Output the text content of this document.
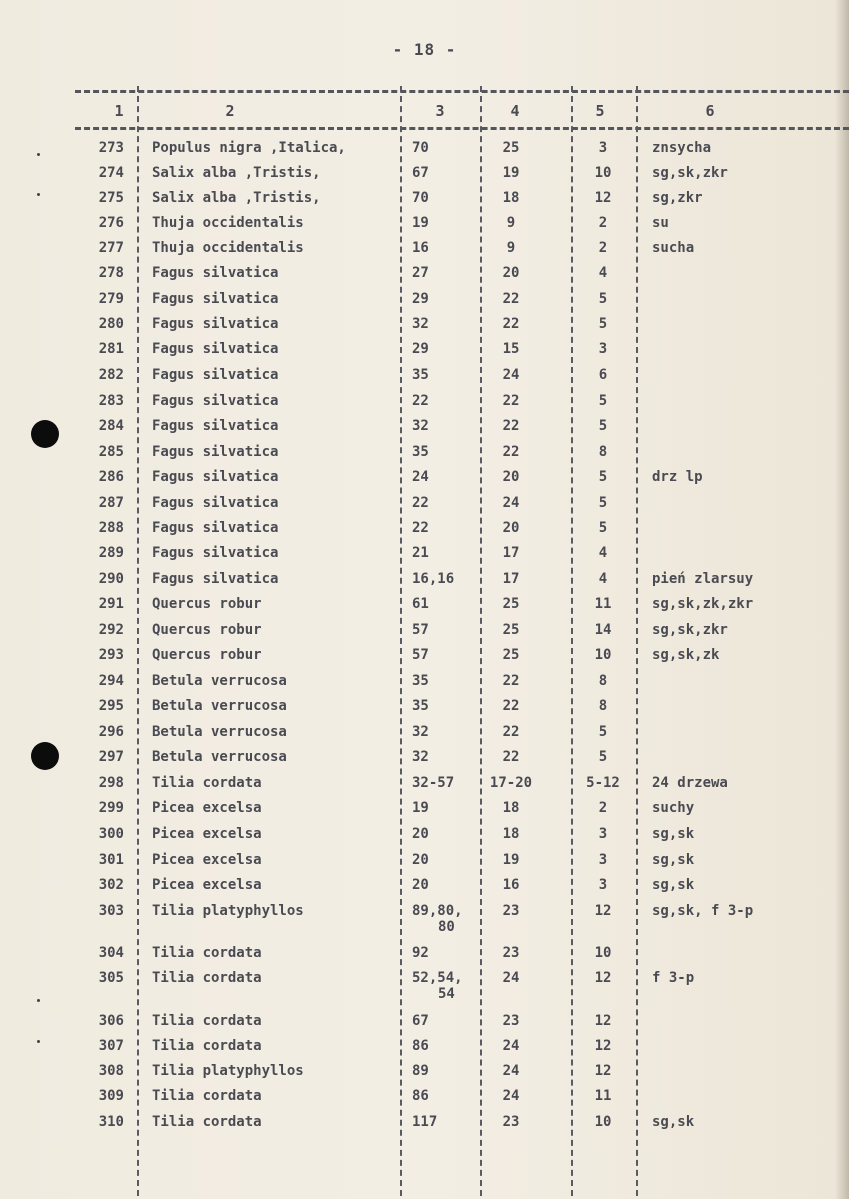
- 18 -
1	2	3	4	5	6
273 Populus nigra ,Italica,	70	25	3	znsycha
274 Salix alba ,Tristis,	67	19	10	sg,sk,zkr
275 Salix alba ,Tristis,	70	18	12	sg,zkr
276 Thuja occidentalis	19	9	2	su
277 Thuja occidentalis	16	9	2	sucha
278 Fagus silvatica	27	20	4
279 Fagus silvatica	29	22	5
280 Fagus silvatica	32	22	5
281 Fagus silvatica	29	15	3
282 Fagus silvatica	35	24	6
283 Fagus silvatica	22	22	5
284 Fagus silvatica	32	22	5
285 Fagus silvatica	35	22	8
286 Fagus silvatica	24	20	5	drz lp
287 Fagus silvatica	22	24	5
288 Fagus silvatica	22	20	5
289 Fagus silvatica	21	17	4
290 Fagus silvatica	16,16	17	4	pień zlarsuy
291 Quercus robur	61	25	11	sg,sk,zk,zkr
292 Quercus robur	57	25	14	sg,sk,zkr
293 Quercus robur	57	25	10	sg,sk,zk
294 Betula verrucosa	35	22	8
295 Betula verrucosa	35	22	8
296 Betula verrucosa	32	22	5
297 Betula verrucosa	32	22	5
298 Tilia cordata	32-57	17-20	5-12	24 drzewa
299 Picea excelsa	19	18	2	suchy
300 Picea excelsa	20	18	3	sg,sk
301 Picea excelsa	20	19	3	sg,sk
302 Picea excelsa	20	16	3	sg,sk
303 Tilia platyphyllos	89,80,	23	12	sg,sk, f 3-p
80
304 Tilia cordata	92	23	10
305 Tilia cordata	52,54,	24	12	f 3-p
54
306 Tilia cordata	67	23	12
307 Tilia cordata	86	24	12
308 Tilia platyphyllos	89	24	12
309 Tilia cordata	86	24	11
310 Tilia cordata	117	23	10	sg,sk
